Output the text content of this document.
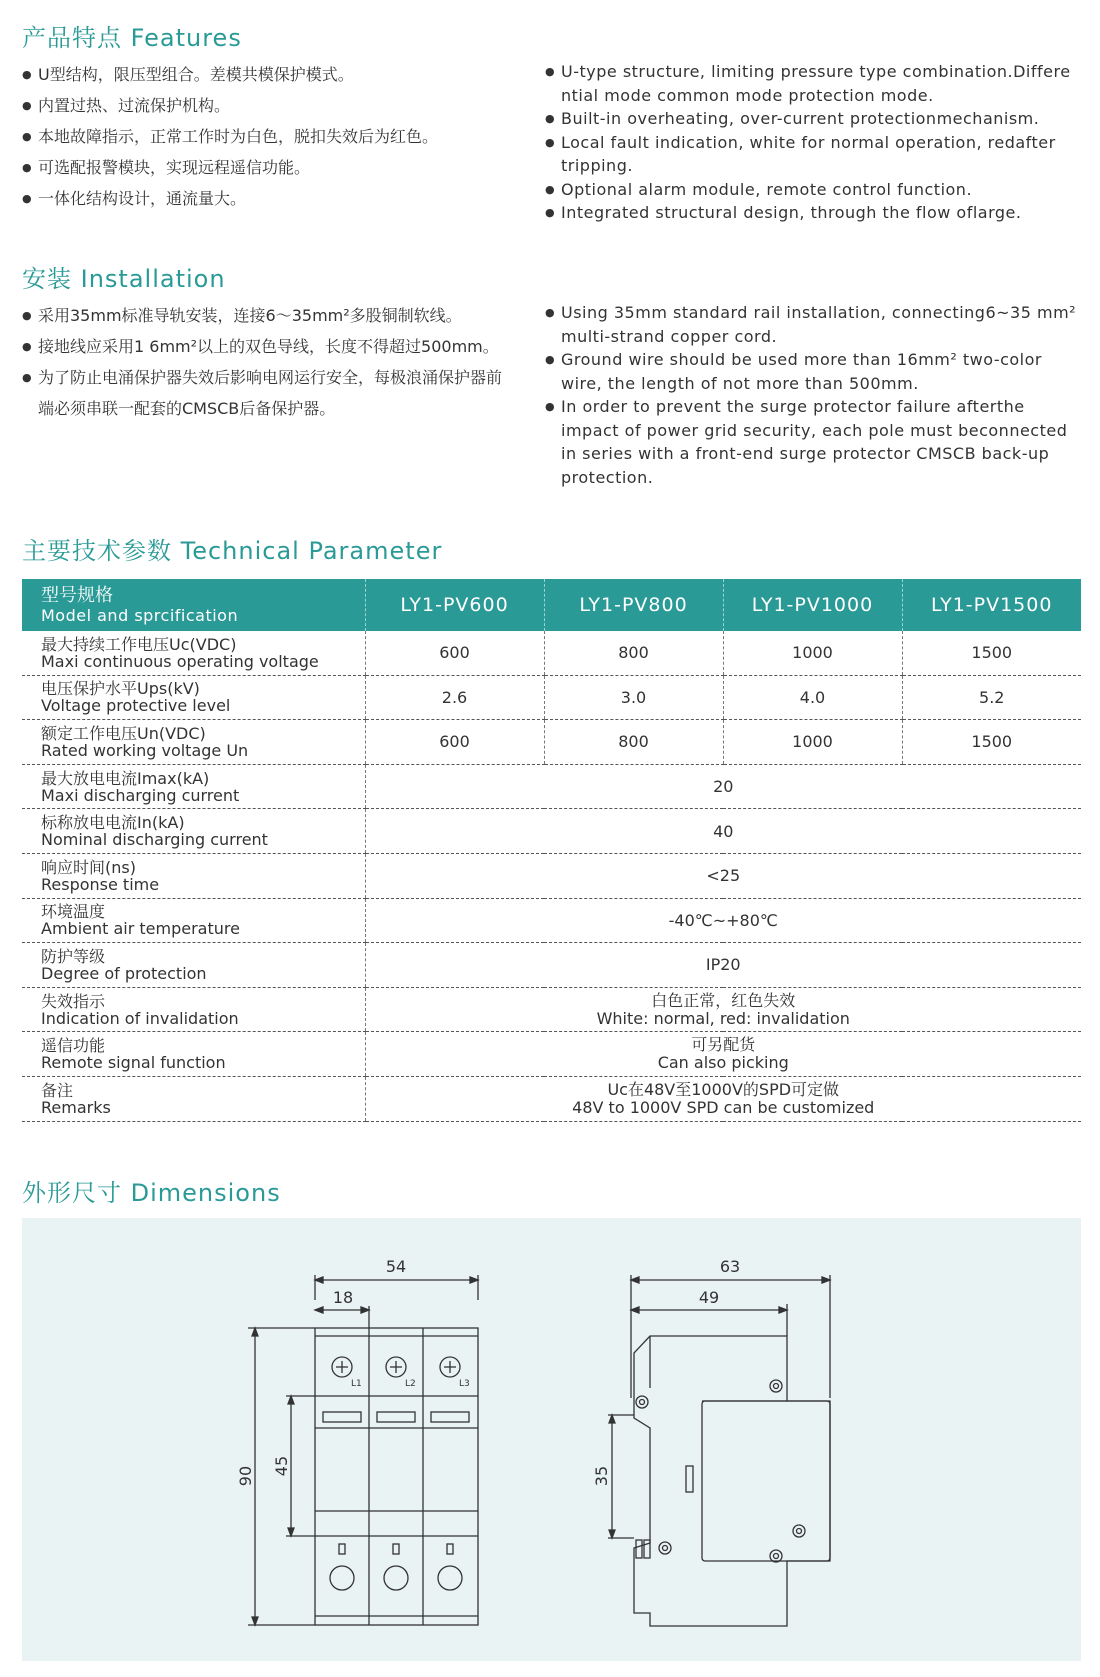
产品特点 Features
● U型结构，限压型组合。差模共模保护模式。
● 内置过热、过流保护机构。
● 本地故障指示，正常工作时为白色，脱扣失效后为红色。
● 可选配报警模块，实现远程遥信功能。
● 一体化结构设计，通流量大。
● U-type structure, limiting pressure type combination.Differe ntial mode common mode protection mode.
● Built-in overheating, over-current protectionmechanism.
● Local fault indication, white for normal operation, redafter tripping.
● Optional alarm module, remote control function.
● Integrated structural design, through the flow oflarge.
安装 Installation
● 采用35mm标准导轨安装，连接6～35mm²多股铜制软线。
● 接地线应采用1 6mm²以上的双色导线，长度不得超过500mm。
● 为了防止电涌保护器失效后影响电网运行安全，每极浪涌保护器前端必须串联一配套的CMSCB后备保护器。
● Using 35mm standard rail installation, connecting6~35 mm² multi-strand copper cord.
● Ground wire should be used more than 16mm² two-color wire, the length of not more than 500mm.
● In order to prevent the surge protector failure afterthe impact of power grid security, each pole must beconnected in series with a front-end surge protector CMSCB back-up protection.
主要技术参数 Technical Parameter
型号规格
Model and sprcification	LY1-PV600	LY1-PV800	LY1-PV1000	LY1-PV1500

最大持续工作电压Uc(VDC)
Maxi continuous operating voltage	600	800	1000	1500

电压保护水平Ups(kV)
Voltage protective level	2.6	3.0	4.0	5.2

额定工作电压Un(VDC)
Rated working voltage Un	600	800	1000	1500

最大放电电流Imax(kA)
Maxi discharging current	20			

标称放电电流In(kA)
Nominal discharging current	40			

响应时间(ns)
Response time	<25			

环境温度
Ambient air temperature	-40℃~+80℃			

防护等级
Degree of protection	IP20			

失效指示
Indication of invalidation	白色正常，红色失效
White: normal, red: invalidation			

遥信功能
Remote signal function	可另配货
Can also picking			

备注
Remarks	Uc在48V至1000V的SPD可定做
48V to 1000V SPD can be customized			
外形尺寸 Dimensions
54
18
90 45
63
49
35
L1	L2	L3
